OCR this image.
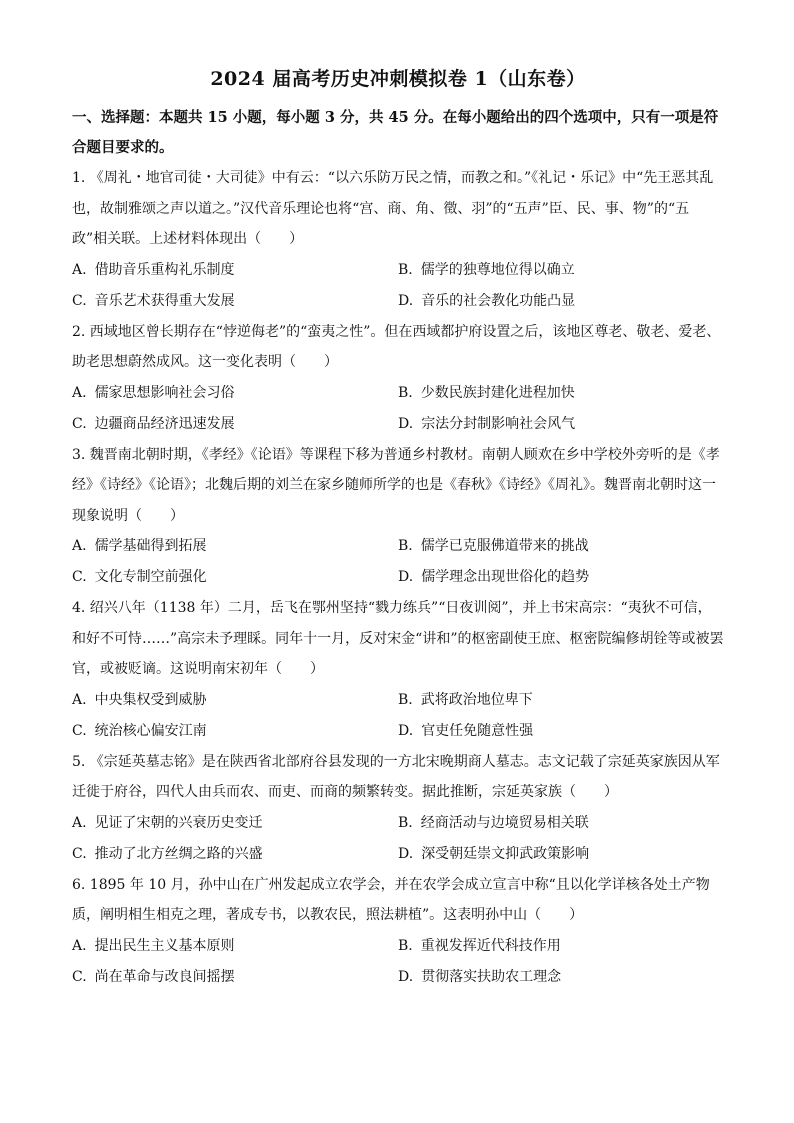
2024 届高考历史冲刺模拟卷 1（山东卷）

一、选择题：本题共 15 小题，每小题 3 分，共 45 分。在每小题给出的四个选项中，只有一项是符合题目要求的。

1. 《周礼・地官司徒・大司徒》中有云：“以六乐防万民之情，而教之和。”《礼记・乐记》中“先王恶其乱也，故制雅颂之声以道之。”汉代音乐理论也将“宫、商、角、徵、羽”的“五声”臣、民、事、物”的“五政”相关联。上述材料体现出（　　）

A. 借助音乐重构礼乐制度	B. 儒学的独尊地位得以确立
C. 音乐艺术获得重大发展	D. 音乐的社会教化功能凸显

2. 西域地区曾长期存在“悖逆侮老”的“蛮夷之性”。但在西域都护府设置之后，该地区尊老、敬老、爱老、助老思想蔚然成风。这一变化表明（　　）

A. 儒家思想影响社会习俗	B. 少数民族封建化进程加快
C. 边疆商品经济迅速发展	D. 宗法分封制影响社会风气

3. 魏晋南北朝时期，《孝经》《论语》等课程下移为普通乡村教材。南朝人顾欢在乡中学校外旁听的是《孝经》《诗经》《论语》；北魏后期的刘兰在家乡随师所学的也是《春秋》《诗经》《周礼》。魏晋南北朝时这一现象说明（　　）

A. 儒学基础得到拓展	B. 儒学已克服佛道带来的挑战
C. 文化专制空前强化	D. 儒学理念出现世俗化的趋势

4. 绍兴八年（1138 年）二月，岳飞在鄂州坚持“戮力练兵”“日夜训阅”，并上书宋高宗：“夷狄不可信，和好不可恃……”高宗未予理睬。同年十一月，反对宋金“讲和”的枢密副使王庶、枢密院编修胡铨等或被罢官，或被贬谪。这说明南宋初年（　　）

A. 中央集权受到威胁	B. 武将政治地位卑下
C. 统治核心偏安江南	D. 官吏任免随意性强

5. 《宗延英墓志铭》是在陕西省北部府谷县发现的一方北宋晚期商人墓志。志文记载了宗延英家族因从军迁徙于府谷，四代人由兵而农、而吏、而商的频繁转变。据此推断，宗延英家族（　　）

A. 见证了宋朝的兴衰历史变迁	B. 经商活动与边境贸易相关联
C. 推动了北方丝绸之路的兴盛	D. 深受朝廷崇文抑武政策影响

6. 1895 年 10 月，孙中山在广州发起成立农学会，并在农学会成立宣言中称“且以化学详核各处土产物质，阐明相生相克之理，著成专书，以教农民，照法耕植”。这表明孙中山（　　）

A. 提出民生主义基本原则	B. 重视发挥近代科技作用
C. 尚在革命与改良间摇摆	D. 贯彻落实扶助农工理念
